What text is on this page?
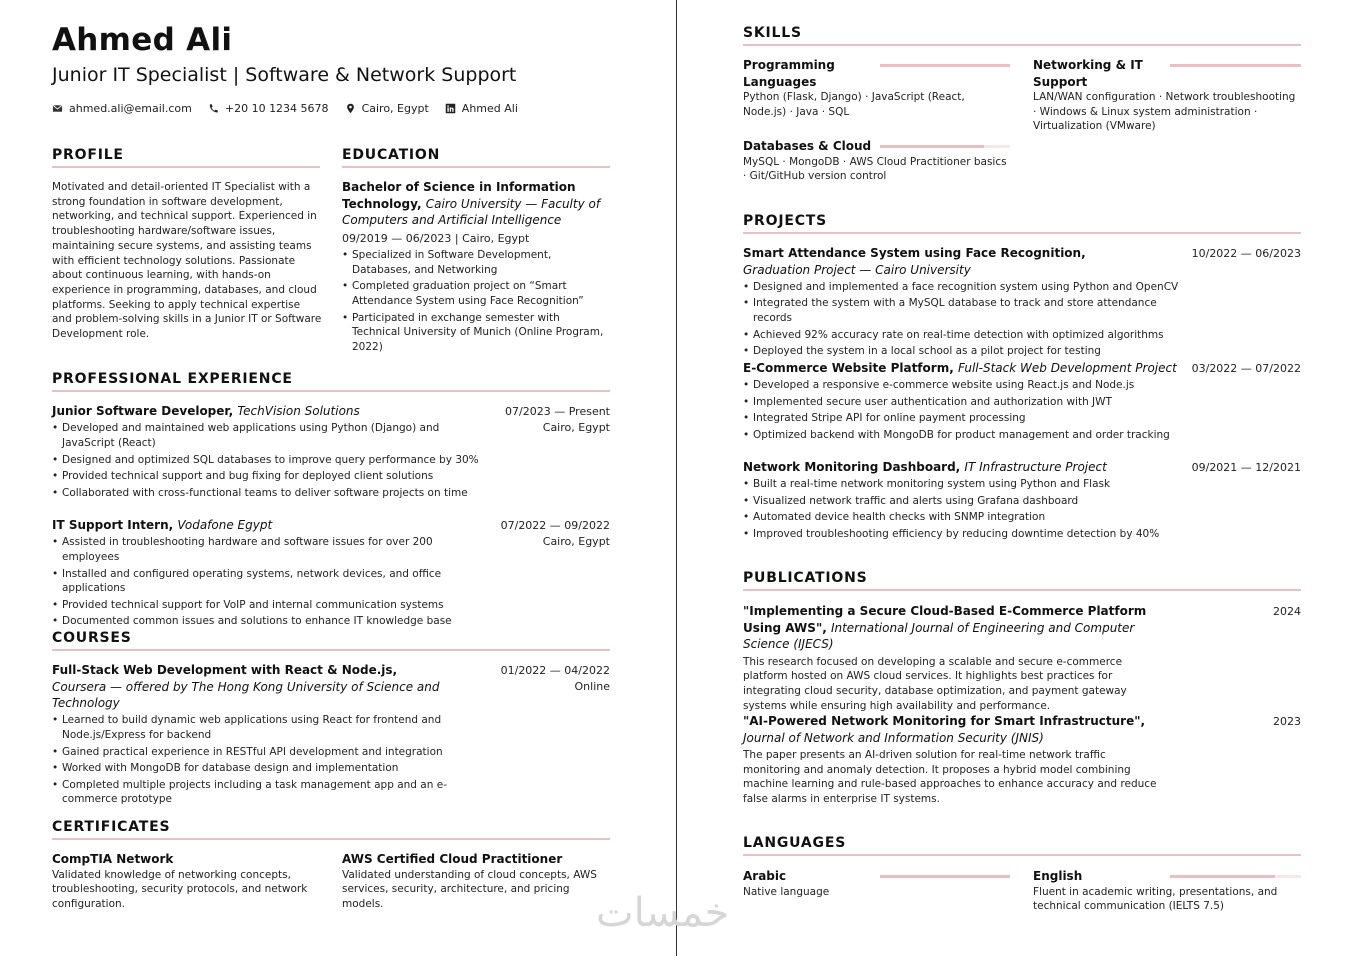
Ahmed Ali
Junior IT Specialist | Software & Network Support
ahmed.ali@email.com	+20 10 1234 5678	Cairo, Egypt	Ahmed Ali
PROFILE
Motivated and detail-oriented IT Specialist with a strong foundation in software development, networking, and technical support. Experienced in troubleshooting hardware/software issues, maintaining secure systems, and assisting teams with efficient technology solutions. Passionate about continuous learning, with hands-on experience in programming, databases, and cloud platforms. Seeking to apply technical expertise and problem-solving skills in a Junior IT or Software Development role.
EDUCATION
Bachelor of Science in Information Technology, Cairo University — Faculty of Computers and Artificial Intelligence
09/2019 — 06/2023 | Cairo, Egypt
• Specialized in Software Development, Databases, and Networking
• Completed graduation project on “Smart Attendance System using Face Recognition”
• Participated in exchange semester with Technical University of Munich (Online Program, 2022)
PROFESSIONAL EXPERIENCE
Junior Software Developer, TechVision Solutions
• Developed and maintained web applications using Python (Django) and JavaScript (React)
• Designed and optimized SQL databases to improve query performance by 30%
• Provided technical support and bug fixing for deployed client solutions
• Collaborated with cross-functional teams to deliver software projects on time
07/2023 — Present
Cairo, Egypt
IT Support Intern, Vodafone Egypt
• Assisted in troubleshooting hardware and software issues for over 200 employees
• Installed and configured operating systems, network devices, and office applications
• Provided technical support for VoIP and internal communication systems
• Documented common issues and solutions to enhance IT knowledge base
07/2022 — 09/2022
Cairo, Egypt
COURSES
Full-Stack Web Development with React & Node.js,
Coursera — offered by The Hong Kong University of Science and Technology
• Learned to build dynamic web applications using React for frontend and Node.js/Express for backend
• Gained practical experience in RESTful API development and integration
• Worked with MongoDB for database design and implementation
• Completed multiple projects including a task management app and an e-commerce prototype
01/2022 — 04/2022
Online
CERTIFICATES
CompTIA Network
Validated knowledge of networking concepts, troubleshooting, security protocols, and network configuration.
AWS Certified Cloud Practitioner
Validated understanding of cloud concepts, AWS services, security, architecture, and pricing models.
SKILLS
Programming Languages
Python (Flask, Django) · JavaScript (React, Node.js) · Java · SQL
Networking & IT Support
LAN/WAN configuration · Network troubleshooting · Windows & Linux system administration · Virtualization (VMware)
Databases & Cloud
MySQL · MongoDB · AWS Cloud Practitioner basics · Git/GitHub version control
PROJECTS
Smart Attendance System using Face Recognition,
Graduation Project — Cairo University
• Designed and implemented a face recognition system using Python and OpenCV
• Integrated the system with a MySQL database to track and store attendance records
• Achieved 92% accuracy rate on real-time detection with optimized algorithms
• Deployed the system in a local school as a pilot project for testing
10/2022 — 06/2023
E-Commerce Website Platform, Full-Stack Web Development Project
• Developed a responsive e-commerce website using React.js and Node.js
• Implemented secure user authentication and authorization with JWT
• Integrated Stripe API for online payment processing
• Optimized backend with MongoDB for product management and order tracking
03/2022 — 07/2022
Network Monitoring Dashboard, IT Infrastructure Project
• Built a real-time network monitoring system using Python and Flask
• Visualized network traffic and alerts using Grafana dashboard
• Automated device health checks with SNMP integration
• Improved troubleshooting efficiency by reducing downtime detection by 40%
09/2021 — 12/2021
PUBLICATIONS
"Implementing a Secure Cloud-Based E-Commerce Platform Using AWS", International Journal of Engineering and Computer Science (IJECS)
This research focused on developing a scalable and secure e-commerce platform hosted on AWS cloud services. It highlights best practices for integrating cloud security, database optimization, and payment gateway systems while ensuring high availability and performance.
2024
"AI-Powered Network Monitoring for Smart Infrastructure",
Journal of Network and Information Security (JNIS)
The paper presents an AI-driven solution for real-time network traffic monitoring and anomaly detection. It proposes a hybrid model combining machine learning and rule-based approaches to enhance accuracy and reduce false alarms in enterprise IT systems.
2023
LANGUAGES
Arabic
Native language
English
Fluent in academic writing, presentations, and technical communication (IELTS 7.5)
خمسات
